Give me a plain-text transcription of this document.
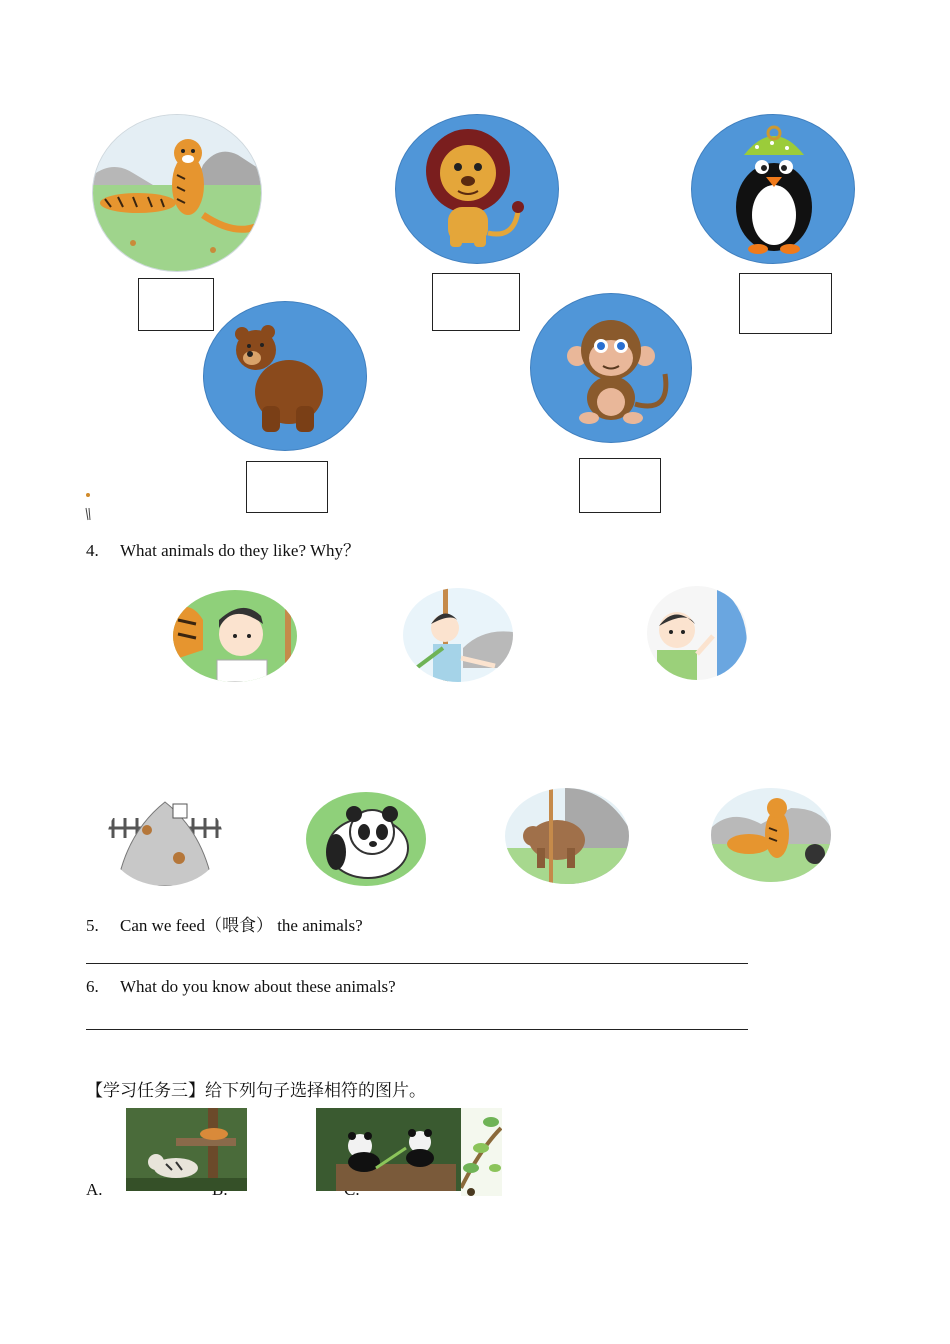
4. What animals do they like? Why？
5. Can we feed（喂食） the animals?
6. What do you know about these animals?
【学习任务三】给下列句子选择相符的图片。
A.
